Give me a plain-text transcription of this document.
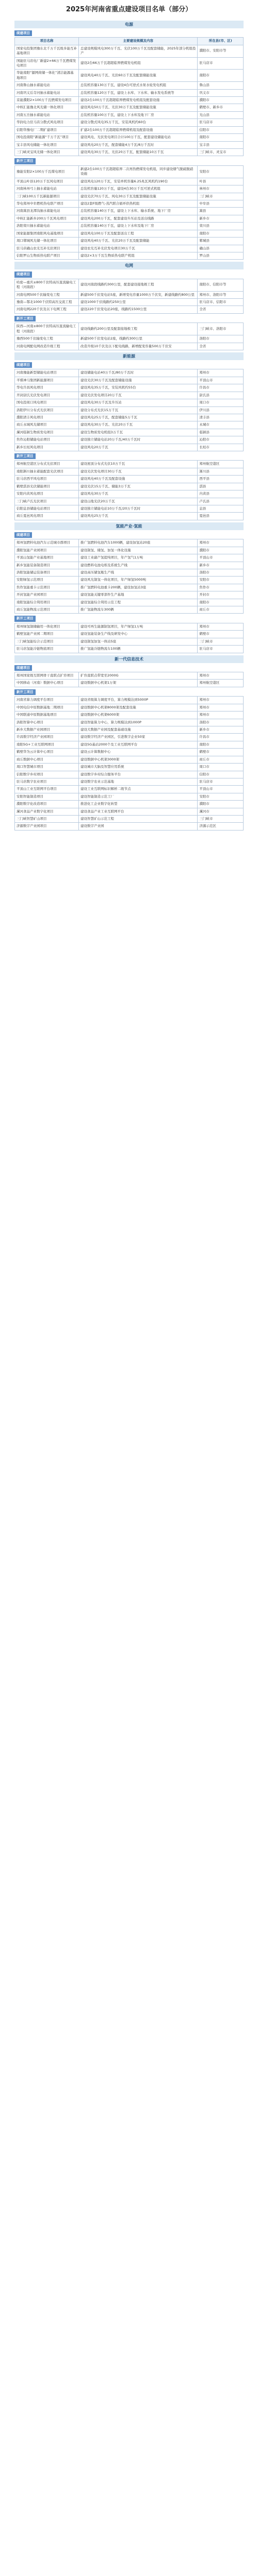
2025年河南省重点建设项目名单（部分）
电源
续建项目
项目名称	主要建设规模及内容	所在县(市、区)
国家电投集团豫东北千万千瓦级多能互补基地项目	总建设规模风电300万千瓦、光伏100万千瓦及配套储能，2025年部分机组投产	濮阳市、安阳市等
国能驻马店电厂新建2×66万千瓦燃煤发电项目	建设2台66万千瓦超超临界燃煤发电机组	驻马店市
华能南阳“源网荷储一体化”清洁能源基地项目	建设风电40万千瓦、光伏60万千瓦及配套储能设施	南阳市
河南鲁山抽水蓄能电站	总装机容量130万千瓦，建设4台可逆式水泵水轮发电机组	鲁山县
河南巩义后寺河抽水蓄能电站	总装机容量120万千瓦，建设上水库、下水库、输水发电系统等	巩义市
京能濮阳2×100万千瓦燃煤发电项目	建设2台100万千瓦超超临界燃煤发电机组及配套设施	濮阳市
中核汇能豫北风光储一体化项目	建设风电50万千瓦、光伏30万千瓦及配套储能设施	鹤壁市、新乡市
河南五岳抽水蓄能电站	总装机容量100万千瓦，建设上下水库及地下厂房	光山县
华润电力驻马店分散式风电项目	建设分散式风电35万千瓦，安装风机约60台	驻马店市
信阳华豫电厂二期扩建项目	扩建2台100万千瓦超超临界燃煤机组及配套设施	信阳市
国电投南阳”新能源“千万千瓦”项目	建设风电、光伏发电项目合计100万千瓦，配套建设储能电站	南阳市
宝丰县风电储能一体化项目	建设风电20万千瓦，配套储能4万千瓦/8万千瓦时	宝丰县
三门峡灵宝风光储一体化项目	建设风电30万千瓦、光伏20万千瓦，配套储能10万千瓦	三门峡市、灵宝市
新开工项目
豫能安阳2×100万千瓦煤电项目	新建2台100万千瓦超超临界二次再热燃煤发电机组，同步建设烟气脱硫脱硝设施	安阳市
平顶山叶县120万千瓦风电项目	建设风电120万千瓦，安装单机容量6.25兆瓦风机约190台	叶县
河南林州弓上抽水蓄能电站	总装机容量120万千瓦，建设4台30万千瓦可逆式机组	林州市
三门峡100万千瓦新能源项目	建设光伏70万千瓦、风电30万千瓦及配套储能设施	三门峡市
华电郑州中牟燃机热电联产项目	建设2套F级燃气-蒸汽联合循环供热机组	中牟县
河南嵩县龙潭沟抽水蓄能电站	总装机容量140万千瓦，建设上下水库、输水系统、地下厂房	嵩县
中核汇能新乡200万千瓦风电项目	建设风电200万千瓦，配套建设升压站及送出线路	新乡市
洛阳栾川抽水蓄能电站	总装机容量140万千瓦，建设上下水库及地下厂房	栾川县
国家能源集团南阳风电基地项目	建设风电100万千瓦及配套送出工程	南阳市
周口郸城风光储一体化项目	建设风电40万千瓦、光伏20万千瓦及配套储能	郸城县
驻马店确山农光互补光伏项目	建设农光互补光伏发电项目30万千瓦	确山县
信阳罗山生物质热电联产项目	建设2×3万千瓦生物质热电联产机组	罗山县
电网
续建项目
哈密—重庆±800千伏特高压直流输电工程（河南段）	建设河南段线路约300公里，配套建设接地极工程	南阳市、信阳市等
河南电网500千伏输变电工程	新建500千伏变电站5座，新增变电容量1000万千伏安，新建线路约800公里	郑州市、洛阳市等
豫南—鄂北1000千伏特高压交流工程	建设1000千伏线路约250公里	驻马店市、信阳市
河南电网220千伏及以下电网工程	建设220千伏变电站20座，线路约1500公里	全省
新开工项目
陕西—河南±800千伏特高压直流输电工程（河南段）	建设线路约200公里及配套接地极工程	三门峡市、洛阳市
豫西500千伏输变电工程	新建500千伏变电站2座，线路约300公里	洛阳市
河南电网配电网改造升级工程	改造升级10千伏及以下配电线路，新增配变容量500万千伏安	全省
新能源
续建项目
河南豫能新型储能电站项目	建设储能电站40万千瓦/80万千瓦时	郑州市
平煤神马集团新能源项目	建设光伏30万千瓦及配套储能设施	平顶山市
华电许昌风电项目	建设风电35万千瓦，安装风机约55台	许昌市
开封尉氏光伏发电项目	建设光伏发电项目20万千瓦	尉氏县
国电投周口风电项目	建设风电30万千瓦及升压站	周口市
洛阳伊川分布式光伏项目	建设分布式光伏15万千瓦	伊川县
濮阳清丰风电项目	建设风电25万千瓦，配套储能5万千瓦	清丰县
商丘永城风光储项目	建设风电30万千瓦、光伏20万千瓦	永城市
漯河临颍生物质发电项目	建设生物质发电机组3万千瓦	临颍县
焦作沁阳储能电站项目	建设独立储能电站20万千瓦/40万千瓦时	沁阳市
新乡长垣风电项目	建设风电20万千瓦	长垣市
新开工项目
郑州航空港区分布式光伏项目	建设屋顶分布式光伏10万千瓦	郑州航空港区
南阳淅川抽水蓄能配套光伏项目	建设光伏发电项目30万千瓦	淅川县
驻马店西平风电项目	建设风电40万千瓦及配套设施	西平县
鹤壁淇县光伏储能项目	建设光伏15万千瓦、储能3万千瓦	淇县
安阳内黄风电项目	建设风电30万千瓦	内黄县
三门峡卢氏光伏项目	建设山地光伏20万千瓦	卢氏县
信阳息县储能电站项目	建设独立储能电站10万千瓦/20万千瓦时	息县
商丘夏邑风电项目	建设风电25万千瓦	夏邑县
氢能产业·氢能
续建项目
郑州氢燃料电池汽车示范城市群项目	推广氢燃料电池汽车1000辆，建设加氢站20座	郑州市
濮阳氢能产业园项目	建设制氢、储氢、加氢一体化设施	濮阳市
平顶山氢能产业基地项目	建设工业副产氢提纯项目，年产氢气1万吨	平顶山市
新乡氢能装备制造项目	建设燃料电池电堆及系统生产线	新乡市
洛阳氢能储运装备项目	建设高压储氢瓶生产线	洛阳市
安阳绿氢示范项目	建设风光制氢一体化项目，年产绿氢5000吨	安阳市
焦作氢能重卡示范项目	推广氢燃料电池重卡200辆，建设加氢站3座	焦作市
开封氢能产业园项目	建设氢能关键零部件生产基地	开封市
南阳氢能综合利用项目	建设氢能综合利用示范工程	南阳市
商丘氢能物流示范项目	推广氢能物流车300辆	商丘市
新开工项目
郑州绿氢制储输用一体化项目	建设可再生能源制氢项目，年产绿氢1万吨	郑州市
鹤壁氢能产业园二期项目	建设氢能装备生产线及研发中心	鹤壁市
三门峡氢能综合示范项目	建设制氢加氢一体站5座	三门峡市
驻马店氢能冷链物流项目	推广氢能冷链物流车100辆	驻马店市
新一代信息技术
续建项目
郑州国家级互联网骨干直联点扩容项目	扩容直联点带宽至2000G	郑州市
中国移动（河南）数据中心项目	建设数据中心机架1万架	郑州航空港区
新开工项目
河南省算力调度平台项目	建设省级算力调度平台，算力规模达到5000P	郑州市
中国电信中原数据基地二期项目	建设数据中心机架8000架及配套设施	郑州市
中国联通中原数据基地项目	建设数据中心机架6000架	郑州市
洛阳智算中心项目	建设智能算力中心，算力规模达到1000P	洛阳市
新乡大数据产业园项目	建设大数据产业园及配套基础设施	新乡市
许昌数字经济产业园项目	建设数字经济产业园区，引进数字企业50家	许昌市
南阳5G+工业互联网项目	建设5G基站2000个及工业互联网平台	南阳市
鹤壁华为云计算中心项目	建设云计算数据中心	鹤壁市
商丘数据中心项目	建设数据中心机架3000架	商丘市
周口智慧城市项目	建设城市大脑及智慧应用系统	周口市
信阳数字乡村项目	建设数字乡村综合服务平台	信阳市
驻马店数字农业项目	建设数字农业示范基地	驻马店市
平顶山工业互联网平台项目	建设工业互联网标识解析二级节点	平顶山市
安阳智能制造项目	建设智能制造示范工厂	安阳市
濮阳数字化改造项目	推进化工企业数字化转型	濮阳市
漯河食品产业数字化项目	建设食品产业工业互联网平台	漯河市
三门峡智慧矿山项目	建设智慧矿山示范工程	三门峡市
济源数字产业园项目	建设数字产业园	济源示范区
